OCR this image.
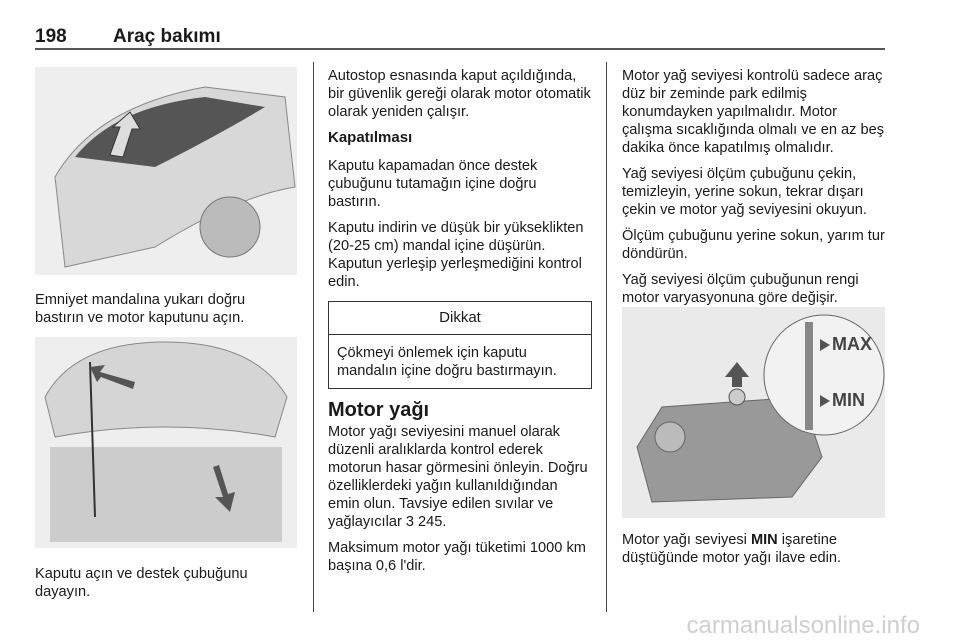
198 Araç bakımı
Emniyet mandalına yukarı doğru bastırın ve motor kaputunu açın.
Kaputu açın ve destek çubuğunu dayayın.

Autostop esnasında kaput açıldığında, bir güvenlik gereği olarak motor otomatik olarak yeniden çalışır.

Kapatılması

Kaputu kapamadan önce destek çubuğunu tutamağın içine doğru bastırın.

Kaputu indirin ve düşük bir yükseklikten (20-25 cm) mandal içine düşürün. Kaputun yerleşip yerleşmediğini kontrol edin.

Dikkat
Çökmeyi önlemek için kaputu mandalın içine doğru bastırmayın.
Motor yağı

Motor yağı seviyesini manuel olarak düzenli aralıklarda kontrol ederek motorun hasar görmesini önleyin. Doğru özelliklerdeki yağın kullanıldığından emin olun. Tavsiye edilen sıvılar ve yağlayıcılar 3 245.

Maksimum motor yağı tüketimi 1000 km başına 0,6 l'dir.

Motor yağ seviyesi kontrolü sadece araç düz bir zeminde park edilmiş konumdayken yapılmalıdır. Motor çalışma sıcaklığında olmalı ve en az beş dakika önce kapatılmış olmalıdır.

Yağ seviyesi ölçüm çubuğunu çekin, temizleyin, yerine sokun, tekrar dışarı çekin ve motor yağ seviyesini okuyun.

Ölçüm çubuğunu yerine sokun, yarım tur döndürün.

Yağ seviyesi ölçüm çubuğunun rengi motor varyasyonuna göre değişir.

MAX
MIN
Motor yağı seviyesi MIN işaretine düştüğünde motor yağı ilave edin.
carmanualsonline.info
